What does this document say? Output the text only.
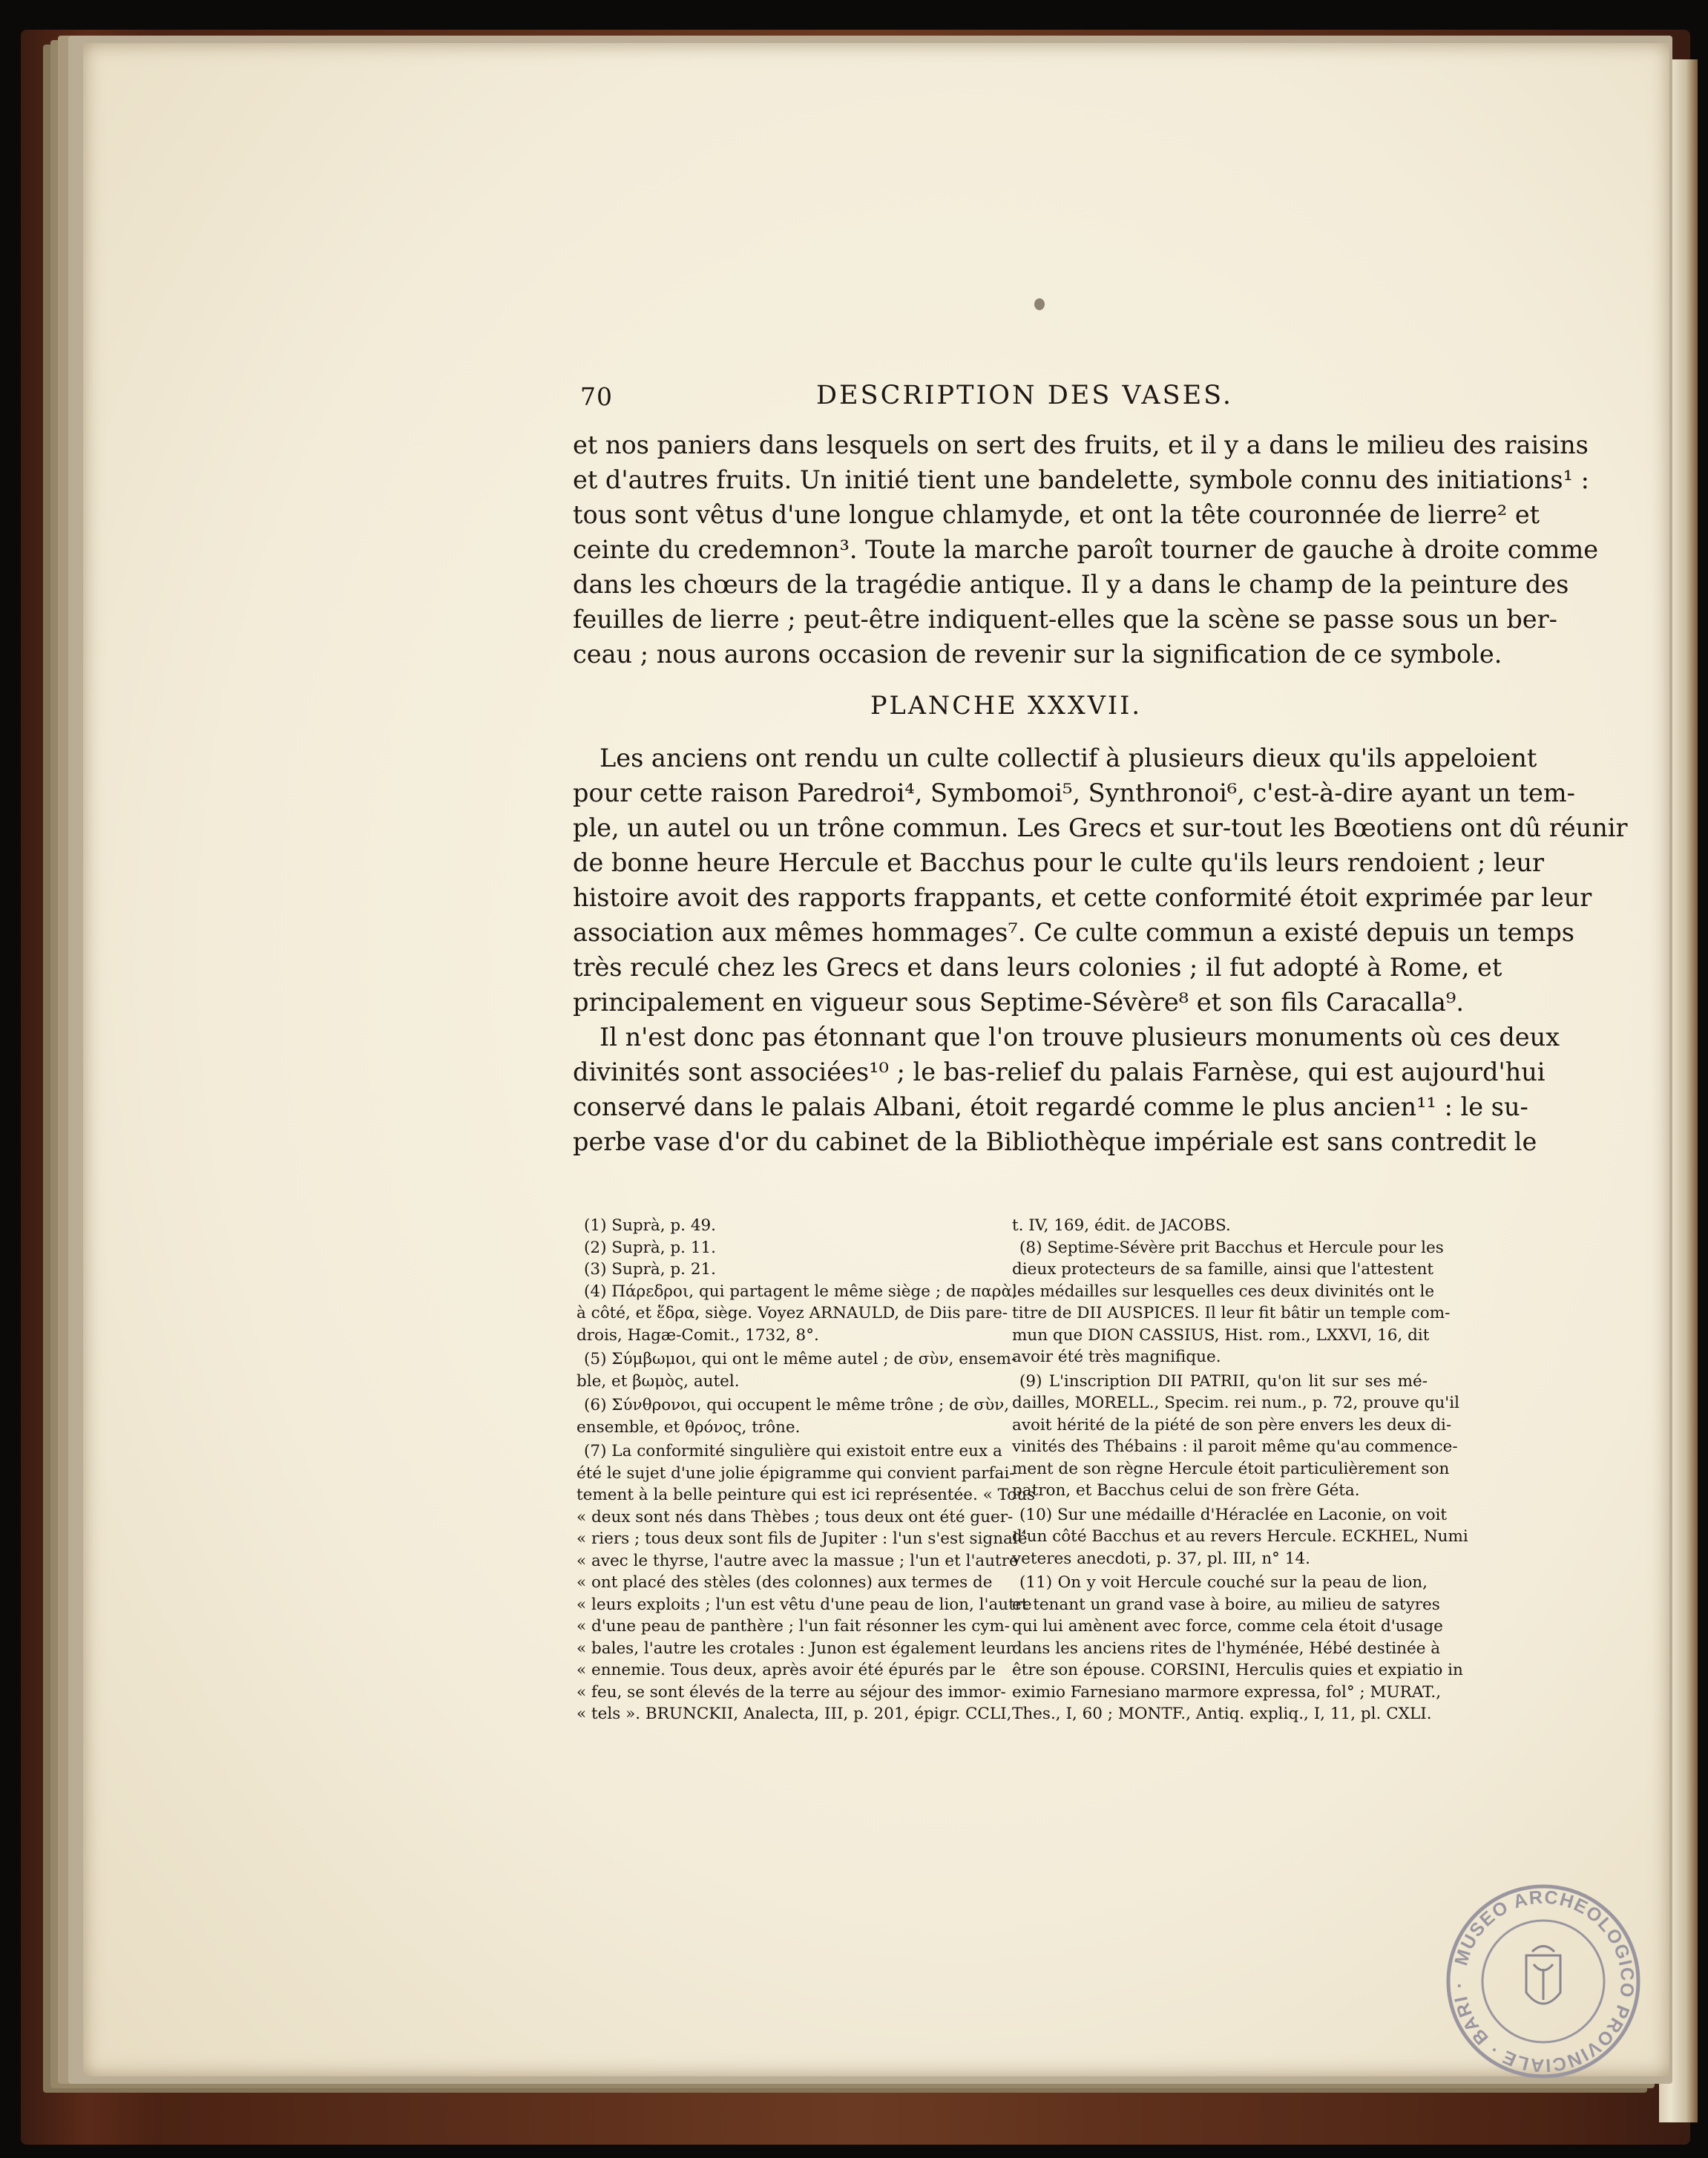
70	DESCRIPTION DES VASES.
et nos paniers dans lesquels on sert des fruits, et il y a dans le milieu des raisins
et d'autres fruits. Un initié tient une bandelette, symbole connu des initiations¹ :
tous sont vêtus d'une longue chlamyde, et ont la tête couronnée de lierre² et
ceinte du credemnon³. Toute la marche paroît tourner de gauche à droite comme
dans les chœurs de la tragédie antique. Il y a dans le champ de la peinture des
feuilles de lierre ; peut-être indiquent-elles que la scène se passe sous un ber-
ceau ; nous aurons occasion de revenir sur la signification de ce symbole.
PLANCHE XXXVII.
Les anciens ont rendu un culte collectif à plusieurs dieux qu'ils appeloient
pour cette raison Paredroi⁴, Symbomoi⁵, Synthronoi⁶, c'est-à-dire ayant un tem-
ple, un autel ou un trône commun. Les Grecs et sur-tout les Bœotiens ont dû réunir
de bonne heure Hercule et Bacchus pour le culte qu'ils leurs rendoient ; leur
histoire avoit des rapports frappants, et cette conformité étoit exprimée par leur
association aux mêmes hommages⁷. Ce culte commun a existé depuis un temps
très reculé chez les Grecs et dans leurs colonies ; il fut adopté à Rome, et
principalement en vigueur sous Septime-Sévère⁸ et son fils Caracalla⁹.
Il n'est donc pas étonnant que l'on trouve plusieurs monuments où ces deux
divinités sont associées¹⁰ ; le bas-relief du palais Farnèse, qui est aujourd'hui
conservé dans le palais Albani, étoit regardé comme le plus ancien¹¹ : le su-
perbe vase d'or du cabinet de la Bibliothèque impériale est sans contredit le
(1) Suprà, p. 49.
(2) Suprà, p. 11.
(3) Suprà, p. 21.
(4) Πάρεδροι, qui partagent le même siège ; de παρὰ,
à côté, et ἕδρα, siège. Voyez ARNAULD, de Diis pare-
drois, Hagæ-Comit., 1732, 8°.
(5) Σύμβωμοι, qui ont le même autel ; de σὺν, ensem-
ble, et βωμὸς, autel.
(6) Σύνθρονοι, qui occupent le même trône ; de σὺν,
ensemble, et θρόνος, trône.
(7) La conformité singulière qui existoit entre eux a
été le sujet d'une jolie épigramme qui convient parfai-
tement à la belle peinture qui est ici représentée. « Tous
« deux sont nés dans Thèbes ; tous deux ont été guer-
« riers ; tous deux sont fils de Jupiter : l'un s'est signalé
« avec le thyrse, l'autre avec la massue ; l'un et l'autre
« ont placé des stèles (des colonnes) aux termes de
« leurs exploits ; l'un est vêtu d'une peau de lion, l'autre
« d'une peau de panthère ; l'un fait résonner les cym-
« bales, l'autre les crotales : Junon est également leur
« ennemie. Tous deux, après avoir été épurés par le
« feu, se sont élevés de la terre au séjour des immor-
« tels ». BRUNCKII, Analecta, III, p. 201, épigr. CCLI,
t. IV, 169, édit. de JACOBS.
(8) Septime-Sévère prit Bacchus et Hercule pour les
dieux protecteurs de sa famille, ainsi que l'attestent
les médailles sur lesquelles ces deux divinités ont le
titre de DII AUSPICES. Il leur fit bâtir un temple com-
mun que DION CASSIUS, Hist. rom., LXXVI, 16, dit
avoir été très magnifique.
(9) L'inscription DII PATRII, qu'on lit sur ses mé-
dailles, MORELL., Specim. rei num., p. 72, prouve qu'il
avoit hérité de la piété de son père envers les deux di-
vinités des Thébains : il paroit même qu'au commence-
ment de son règne Hercule étoit particulièrement son
patron, et Bacchus celui de son frère Géta.
(10) Sur une médaille d'Héraclée en Laconie, on voit
d'un côté Bacchus et au revers Hercule. ECKHEL, Numi
veteres anecdoti, p. 37, pl. III, n° 14.
(11) On y voit Hercule couché sur la peau de lion,
et tenant un grand vase à boire, au milieu de satyres
qui lui amènent avec force, comme cela étoit d'usage
dans les anciens rites de l'hyménée, Hébé destinée à
être son épouse. CORSINI, Herculis quies et expiatio in
eximio Farnesiano marmore expressa, fol° ; MURAT.,
Thes., I, 60 ; MONTF., Antiq. expliq., I, 11, pl. CXLI.
MUSEO ARCHEOLOGICO PROVINCIALE · BARI ·
